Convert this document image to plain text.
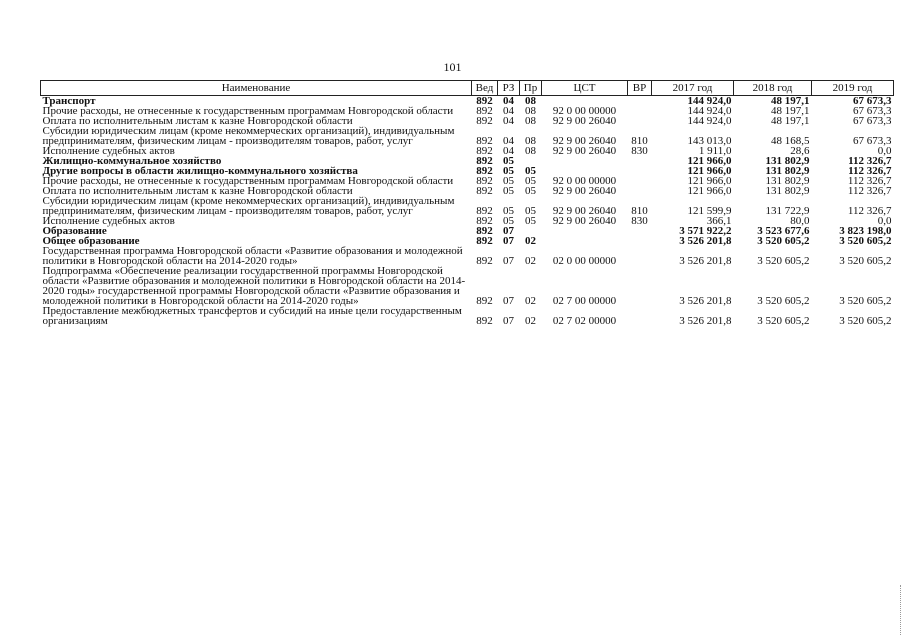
101
Наименование	Вед	РЗ	Пр	ЦСТ	ВР	2017 год	2018 год	2019 год
Транспорт	892	04	08			144 924,0	48 197,1	67 673,3
Прочие расходы, не отнесенные к государственным программам Новгородской области	892	04	08	92 0 00 00000		144 924,0	48 197,1	67 673,3
Оплата по исполнительным листам к казне Новгородской области	892	04	08	92 9 00 26040		144 924,0	48 197,1	67 673,3
Субсидии юридическим лицам (кроме некоммерческих организаций), индивидуальным предпринимателям, физическим лицам - производителям товаров, работ, услуг	892	04	08	92 9 00 26040	810	143 013,0	48 168,5	67 673,3
Исполнение судебных актов	892	04	08	92 9 00 26040	830	1 911,0	28,6	0,0
Жилищно-коммунальное хозяйство	892	05				121 966,0	131 802,9	112 326,7
Другие вопросы в области жилищно-коммунального хозяйства	892	05	05			121 966,0	131 802,9	112 326,7
Прочие расходы, не отнесенные к государственным программам Новгородской области	892	05	05	92 0 00 00000		121 966,0	131 802,9	112 326,7
Оплата по исполнительным листам к казне Новгородской области	892	05	05	92 9 00 26040		121 966,0	131 802,9	112 326,7
Субсидии юридическим лицам (кроме некоммерческих организаций), индивидуальным предпринимателям, физическим лицам - производителям товаров, работ, услуг	892	05	05	92 9 00 26040	810	121 599,9	131 722,9	112 326,7
Исполнение судебных актов	892	05	05	92 9 00 26040	830	366,1	80,0	0,0
Образование	892	07				3 571 922,2	3 523 677,6	3 823 198,0
Общее образование	892	07	02			3 526 201,8	3 520 605,2	3 520 605,2
Государственная программа Новгородской области «Развитие образования и молодежной политики в Новгородской области на 2014-2020 годы»	892	07	02	02 0 00 00000		3 526 201,8	3 520 605,2	3 520 605,2
Подпрограмма «Обеспечение реализации государственной программы Новгородской области «Развитие образования и молодежной политики в Новгородской области на 2014-2020 годы» государственной программы Новгородской области «Развитие образования и молодежной политики в Новгородской области на 2014-2020 годы»	892	07	02	02 7 00 00000		3 526 201,8	3 520 605,2	3 520 605,2
Предоставление межбюджетных трансфертов и субсидий на иные цели государственным организациям	892	07	02	02 7 02 00000		3 526 201,8	3 520 605,2	3 520 605,2
